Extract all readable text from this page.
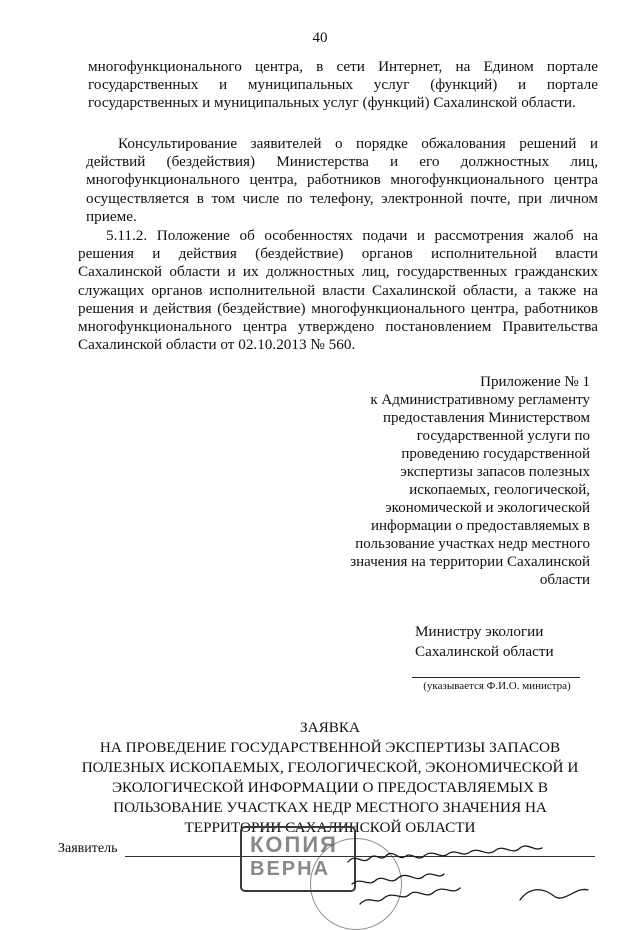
40

многофункционального центра, в сети Интернет, на Едином портале государственных и муниципальных услуг (функций) и портале государственных и муниципальных услуг (функций) Сахалинской области.

Консультирование заявителей о порядке обжалования решений и действий (бездействия) Министерства и его должностных лиц, многофункционального центра, работников многофункционального центра осуществляется в том числе по телефону, электронной почте, при личном приеме.

5.11.2. Положение об особенностях подачи и рассмотрения жалоб на решения и действия (бездействие) органов исполнительной власти Сахалинской области и их должностных лиц, государственных гражданских служащих органов исполнительной власти Сахалинской области, а также на решения и действия (бездействие) многофункционального центра, работников многофункционального центра утверждено постановлением Правительства Сахалинской области от 02.10.2013 № 560.

Приложение № 1
к Административному регламенту
предоставления Министерством
государственной услуги по
проведению государственной
экспертизы запасов полезных
ископаемых, геологической,
экономической и экологической
информации о предоставляемых в
пользование участках недр местного
значения на территории Сахалинской
области
Министру экологии
Сахалинской области
(указывается Ф.И.О. министра)
ЗАЯВКА
НА ПРОВЕДЕНИЕ ГОСУДАРСТВЕННОЙ ЭКСПЕРТИЗЫ ЗАПАСОВ
ПОЛЕЗНЫХ ИСКОПАЕМЫХ, ГЕОЛОГИЧЕСКОЙ, ЭКОНОМИЧЕСКОЙ И
ЭКОЛОГИЧЕСКОЙ ИНФОРМАЦИИ О ПРЕДОСТАВЛЯЕМЫХ В
ПОЛЬЗОВАНИЕ УЧАСТКАХ НЕДР МЕСТНОГО ЗНАЧЕНИЯ НА
ТЕРРИТОРИИ САХАЛИНСКОЙ ОБЛАСТИ
Заявитель	КОПИЯ
ВЕРНА
